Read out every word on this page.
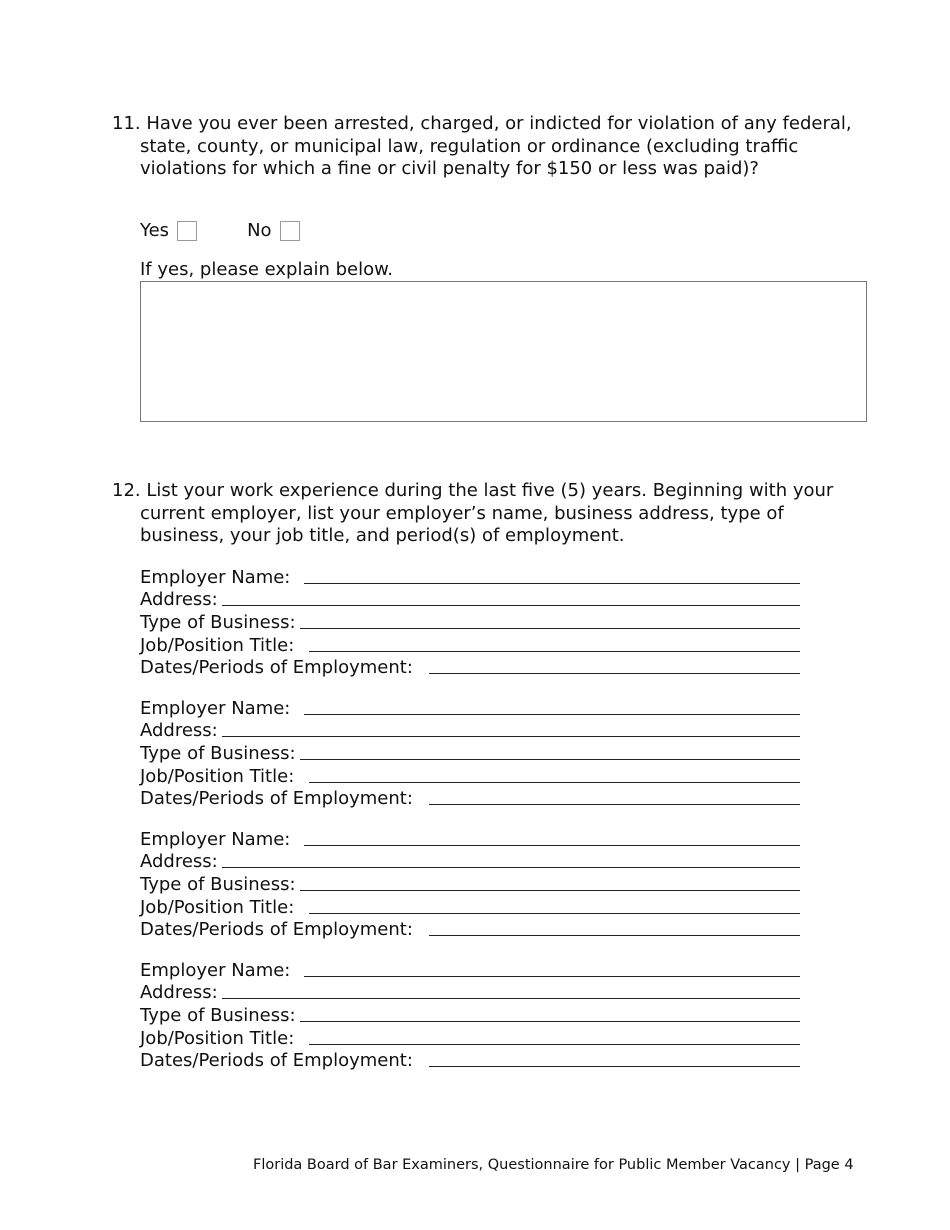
11. Have you ever been arrested, charged, or indicted for violation of any federal, state, county, or municipal law, regulation or ordinance (excluding traffic violations for which a fine or civil penalty for $150 or less was paid)?

Yes	No
If yes, please explain below.

12. List your work experience during the last five (5) years. Beginning with your current employer, list your employer’s name, business address, type of business, your job title, and period(s) of employment.

Employer Name:
Address:
Type of Business:
Job/Position Title:
Dates/Periods of Employment:
Employer Name:
Address:
Type of Business:
Job/Position Title:
Dates/Periods of Employment:
Employer Name:
Address:
Type of Business:
Job/Position Title:
Dates/Periods of Employment:
Employer Name:
Address:
Type of Business:
Job/Position Title:
Dates/Periods of Employment:
Florida Board of Bar Examiners, Questionnaire for Public Member Vacancy | Page 4
